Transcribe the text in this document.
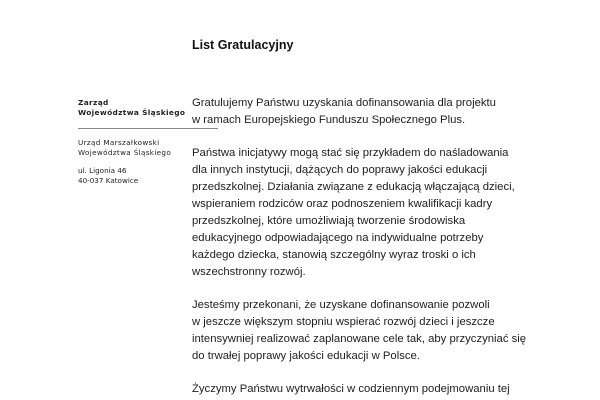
List Gratulacyjny
Zarząd
Województwa Śląskiego
Urząd Marszałkowski
Województwa Śląskiego
ul. Ligonia 46
40-037 Katowice

Gratulujemy Państwu uzyskania dofinansowania dla projektu
w ramach Europejskiego Funduszu Społecznego Plus.

Państwa inicjatywy mogą stać się przykładem do naśladowania
dla innych instytucji, dążących do poprawy jakości edukacji
przedszkolnej. Działania związane z edukacją włączającą dzieci,
wspieraniem rodziców oraz podnoszeniem kwalifikacji kadry
przedszkolnej, które umożliwiają tworzenie środowiska
edukacyjnego odpowiadającego na indywidualne potrzeby
każdego dziecka, stanowią szczególny wyraz troski o ich
wszechstronny rozwój.

Jesteśmy przekonani, że uzyskane dofinansowanie pozwoli
w jeszcze większym stopniu wspierać rozwój dzieci i jeszcze
intensywniej realizować zaplanowane cele tak, aby przyczyniać się
do trwałej poprawy jakości edukacji w Polsce.

Życzymy Państwu wytrwałości w codziennym podejmowaniu tej
